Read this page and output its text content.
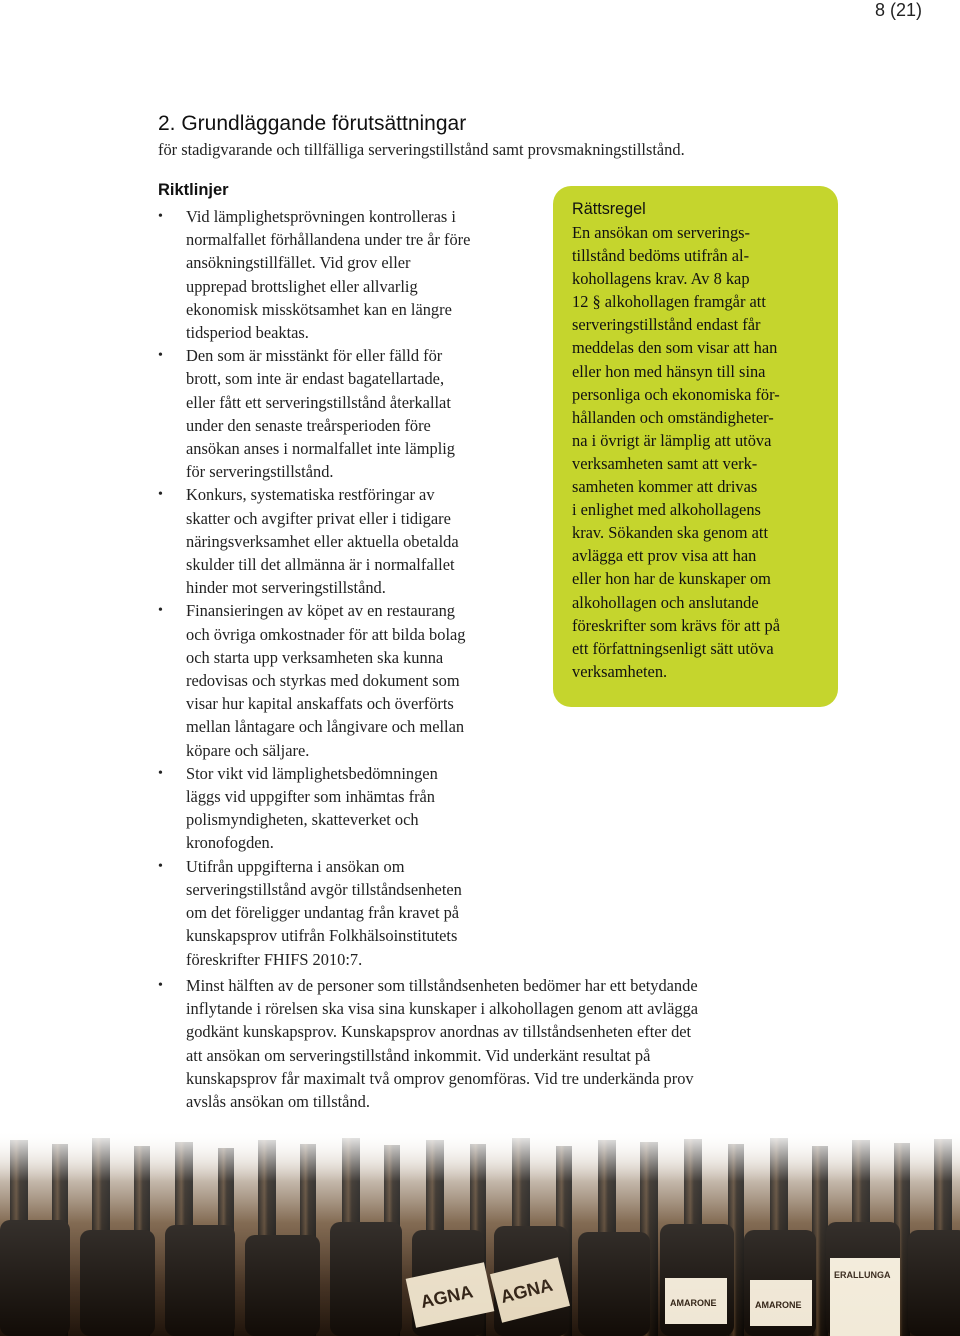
8 (21)
2. Grundläggande förutsättningar
för stadigvarande och tillfälliga serveringstillstånd samt provsmakningstillstånd.
Riktlinjer
• Vid lämplighetsprövningen kontrolleras i
normalfallet förhållandena under tre år före
ansökningstillfället. Vid grov eller
upprepad brottslighet eller allvarlig
ekonomisk misskötsamhet kan en längre
tidsperiod beaktas.
• Den som är misstänkt för eller fälld för
brott, som inte är endast bagatellartade,
eller fått ett serveringstillstånd återkallat
under den senaste treårsperioden före
ansökan anses i normalfallet inte lämplig
för serveringstillstånd.
• Konkurs, systematiska restföringar av
skatter och avgifter privat eller i tidigare
näringsverksamhet eller aktuella obetalda
skulder till det allmänna är i normalfallet
hinder mot serveringstillstånd.
• Finansieringen av köpet av en restaurang
och övriga omkostnader för att bilda bolag
och starta upp verksamheten ska kunna
redovisas och styrkas med dokument som
visar hur kapital anskaffats och överförts
mellan låntagare och långivare och mellan
köpare och säljare.
• Stor vikt vid lämplighetsbedömningen
läggs vid uppgifter som inhämtas från
polismyndigheten, skatteverket och
kronofogden.
• Utifrån uppgifterna i ansökan om
serveringstillstånd avgör tillståndsenheten
om det föreligger undantag från kravet på
kunskapsprov utifrån Folkhälsoinstitutets
föreskrifter FHIFS 2010:7.
• Minst hälften av de personer som tillståndsenheten bedömer har ett betydande
inflytande i rörelsen ska visa sina kunskaper i alkohollagen genom att avlägga
godkänt kunskapsprov. Kunskapsprov anordnas av tillståndsenheten efter det
att ansökan om serveringstillstånd inkommit. Vid underkänt resultat på
kunskapsprov får maximalt två omprov genomföras. Vid tre underkända prov
avslås ansökan om tillstånd.
Rättsregel
En ansökan om serverings-
tillstånd bedöms utifrån al-
kohollagens krav. Av 8 kap
12 § alkohollagen framgår att
serveringstillstånd endast får
meddelas den som visar att han
eller hon med hänsyn till sina
personliga och ekonomiska för-
hållanden och omständigheter-
na i övrigt är lämplig att utöva
verksamheten samt att verk-
samheten kommer att drivas
i enlighet med alkohollagens
krav. Sökanden ska genom att
avlägga ett prov visa att han
eller hon har de kunskaper om
alkohollagen och anslutande
föreskrifter som krävs för att på
ett författningsenligt sätt utöva
verksamheten.
